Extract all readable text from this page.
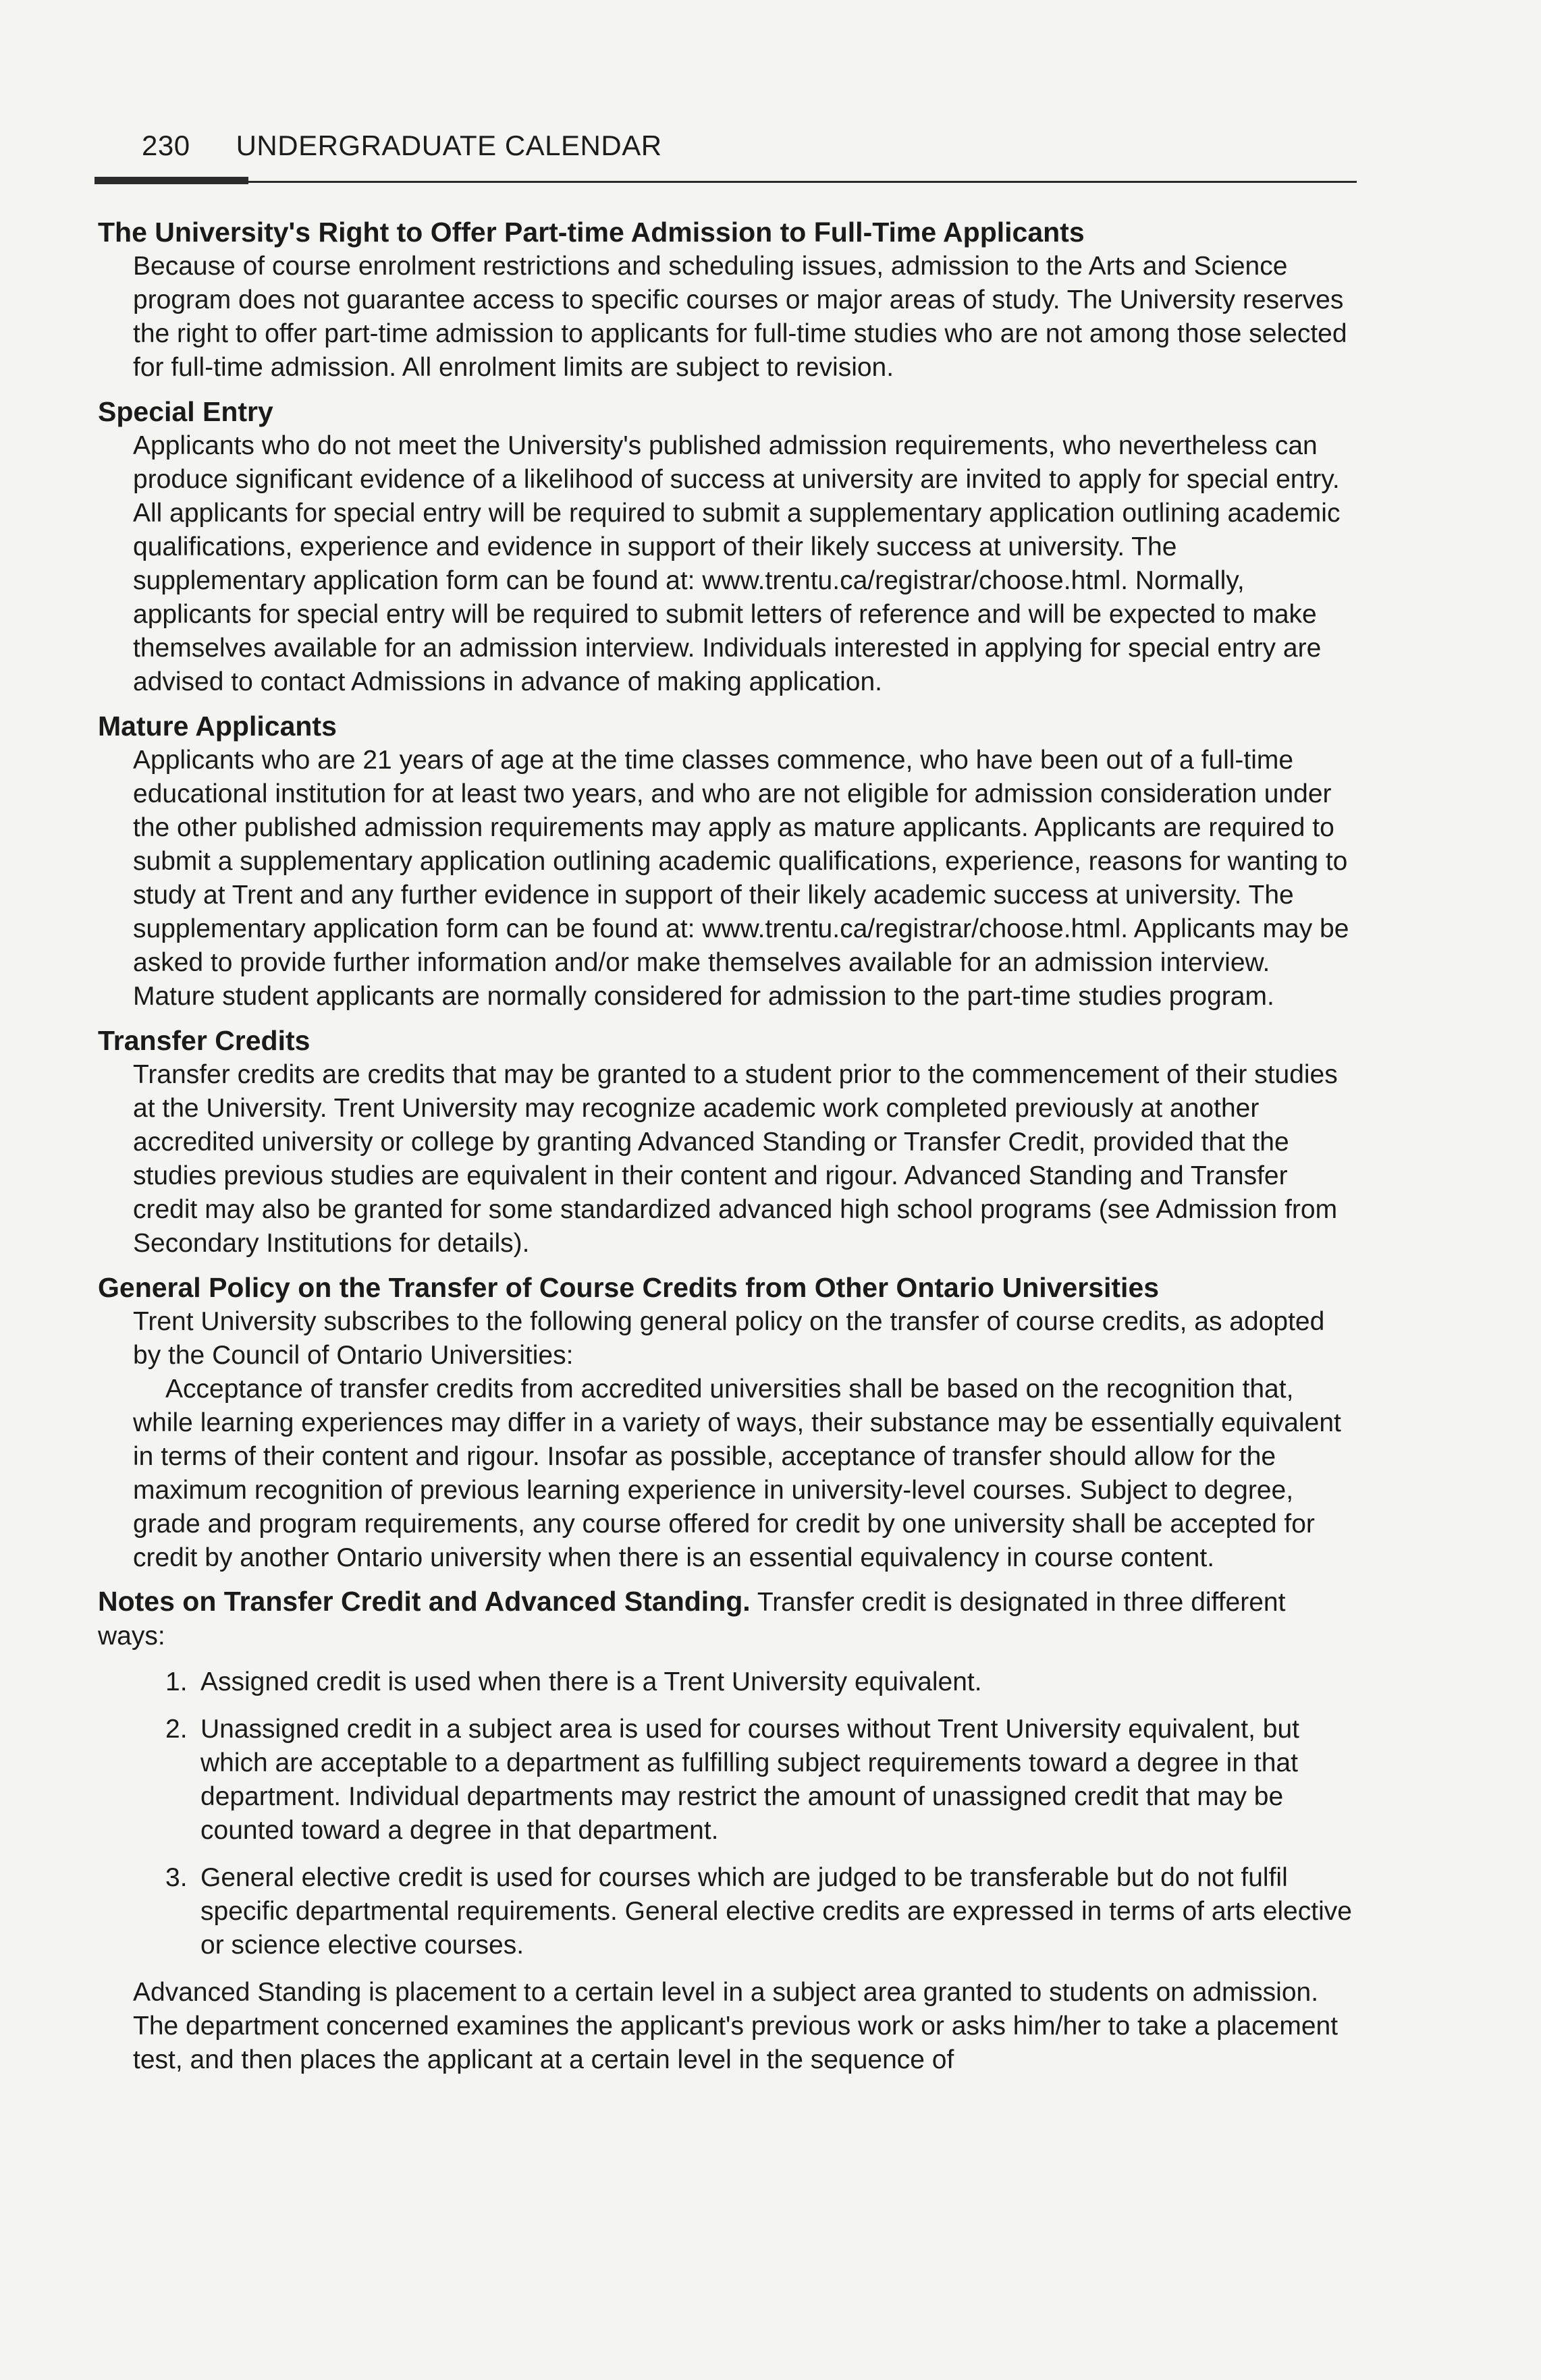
230 UNDERGRADUATE CALENDAR
The University's Right to Offer Part-time Admission to Full-Time Applicants
Because of course enrolment restrictions and scheduling issues, admission to the Arts and Science program does not guarantee access to specific courses or major areas of study. The University reserves the right to offer part-time admission to applicants for full-time studies who are not among those selected for full-time admission. All enrolment limits are subject to revision.
Special Entry
Applicants who do not meet the University's published admission requirements, who nevertheless can produce significant evidence of a likelihood of success at university are invited to apply for special entry. All applicants for special entry will be required to submit a supplementary application outlining academic qualifications, experience and evidence in support of their likely success at university. The supplementary application form can be found at: www.trentu.ca/registrar/choose.html. Normally, applicants for special entry will be required to submit letters of reference and will be expected to make themselves available for an admission interview. Individuals interested in applying for special entry are advised to contact Admissions in advance of making application.
Mature Applicants
Applicants who are 21 years of age at the time classes commence, who have been out of a full-time educational institution for at least two years, and who are not eligible for admission consideration under the other published admission requirements may apply as mature applicants. Applicants are required to submit a supplementary application outlining academic qualifications, experience, reasons for wanting to study at Trent and any further evidence in support of their likely academic success at university. The supplementary application form can be found at: www.trentu.ca/registrar/choose.html. Applicants may be asked to provide further information and/or make themselves available for an admission interview. Mature student applicants are normally considered for admission to the part-time studies program.
Transfer Credits
Transfer credits are credits that may be granted to a student prior to the commencement of their studies at the University. Trent University may recognize academic work completed previously at another accredited university or college by granting Advanced Standing or Transfer Credit, provided that the studies previous studies are equivalent in their content and rigour. Advanced Standing and Transfer credit may also be granted for some standardized advanced high school programs (see Admission from Secondary Institutions for details).
General Policy on the Transfer of Course Credits from Other Ontario Universities
Trent University subscribes to the following general policy on the transfer of course credits, as adopted by the Council of Ontario Universities:
Acceptance of transfer credits from accredited universities shall be based on the recognition that, while learning experiences may differ in a variety of ways, their substance may be essentially equivalent in terms of their content and rigour. Insofar as possible, acceptance of transfer should allow for the maximum recognition of previous learning experience in university-level courses. Subject to degree, grade and program requirements, any course offered for credit by one university shall be accepted for credit by another Ontario university when there is an essential equivalency in course content.
Notes on Transfer Credit and Advanced Standing. Transfer credit is designated in three different ways:
1. Assigned credit is used when there is a Trent University equivalent.
2. Unassigned credit in a subject area is used for courses without Trent University equivalent, but which are acceptable to a department as fulfilling subject requirements toward a degree in that department. Individual departments may restrict the amount of unassigned credit that may be counted toward a degree in that department.
3. General elective credit is used for courses which are judged to be transferable but do not fulfil specific departmental requirements. General elective credits are expressed in terms of arts elective or science elective courses.
Advanced Standing is placement to a certain level in a subject area granted to students on admission. The department concerned examines the applicant's previous work or asks him/her to take a placement test, and then places the applicant at a certain level in the sequence of
